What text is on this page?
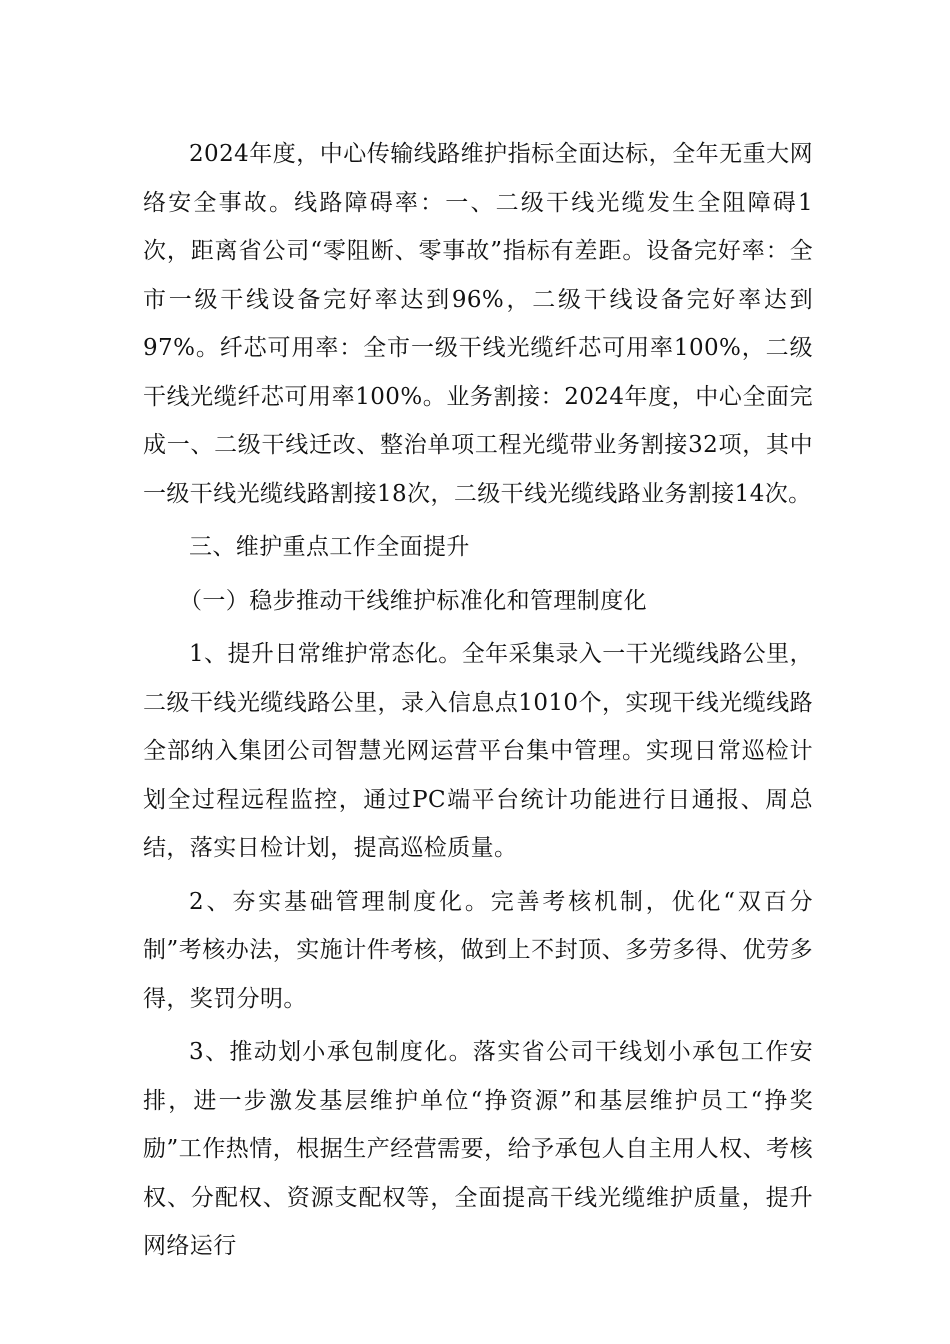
2024年度，中心传输线路维护指标全面达标，全年无重大网络安全事故。线路障碍率：一、二级干线光缆发生全阻障碍1次，距离省公司“零阻断、零事故”指标有差距。设备完好率：全市一级干线设备完好率达到96%，二级干线设备完好率达到97%。纤芯可用率：全市一级干线光缆纤芯可用率100%，二级干线光缆纤芯可用率100%。业务割接：2024年度，中心全面完成一、二级干线迁改、整治单项工程光缆带业务割接32项，其中一级干线光缆线路割接18次，二级干线光缆线路业务割接14次。

三、维护重点工作全面提升

（一）稳步推动干线维护标准化和管理制度化

1、提升日常维护常态化。全年采集录入一干光缆线路公里，二级干线光缆线路公里，录入信息点1010个，实现干线光缆线路全部纳入集团公司智慧光网运营平台集中管理。实现日常巡检计划全过程远程监控，通过PC端平台统计功能进行日通报、周总结，落实日检计划，提高巡检质量。

2、夯实基础管理制度化。完善考核机制，优化“双百分制”考核办法，实施计件考核，做到上不封顶、多劳多得、优劳多得，奖罚分明。

3、推动划小承包制度化。落实省公司干线划小承包工作安排，进一步激发基层维护单位“挣资源”和基层维护员工“挣奖励”工作热情，根据生产经营需要，给予承包人自主用人权、考核权、分配权、资源支配权等，全面提高干线光缆维护质量，提升网络运行
